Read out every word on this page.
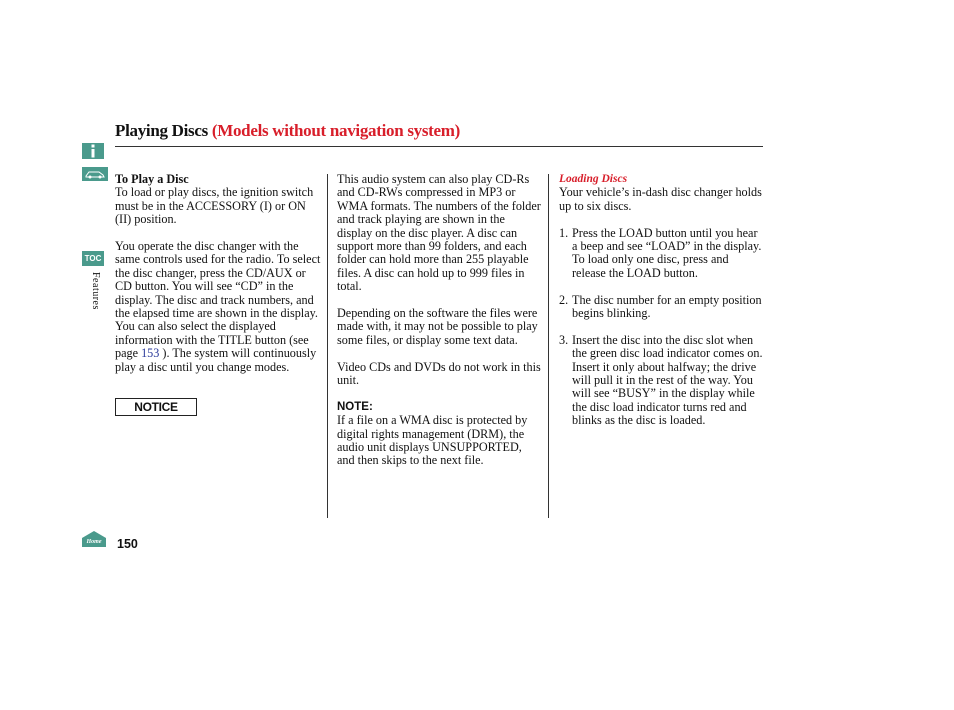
TOC
Features
Playing Discs (Models without navigation system)

To Play a Disc

To load or play discs, the ignition switch must be in the ACCESSORY (I) or ON (II) position.

You operate the disc changer with the same controls used for the radio. To select the disc changer, press the CD/AUX or CD button. You will see “CD” in the display. The disc and track numbers, and the elapsed time are shown in the display. You can also select the displayed information with the TITLE button (see page 153 ). The system will continuously play a disc until you change modes.

NOTICE

This audio system can also play CD-Rs and CD-RWs compressed in MP3 or WMA formats. The numbers of the folder and track playing are shown in the display on the disc player. A disc can support more than 99 folders, and each folder can hold more than 255 playable files. A disc can hold up to 999 files in total.

Depending on the software the files were made with, it may not be possible to play some files, or display some text data.

Video CDs and DVDs do not work in this unit.

NOTE:

If a file on a WMA disc is protected by digital rights management (DRM), the audio unit displays UNSUPPORTED, and then skips to the next file.

Loading Discs

Your vehicle’s in-dash disc changer holds up to six discs.

1. Press the LOAD button until you hear a beep and see “LOAD” in the display. To load only one disc, press and release the LOAD button.
2. The disc number for an empty position begins blinking.
3. Insert the disc into the disc slot when the green disc load indicator comes on. Insert it only about halfway; the drive will pull it in the rest of the way. You will see “BUSY” in the display while the disc load indicator turns red and blinks as the disc is loaded.
Home 150
